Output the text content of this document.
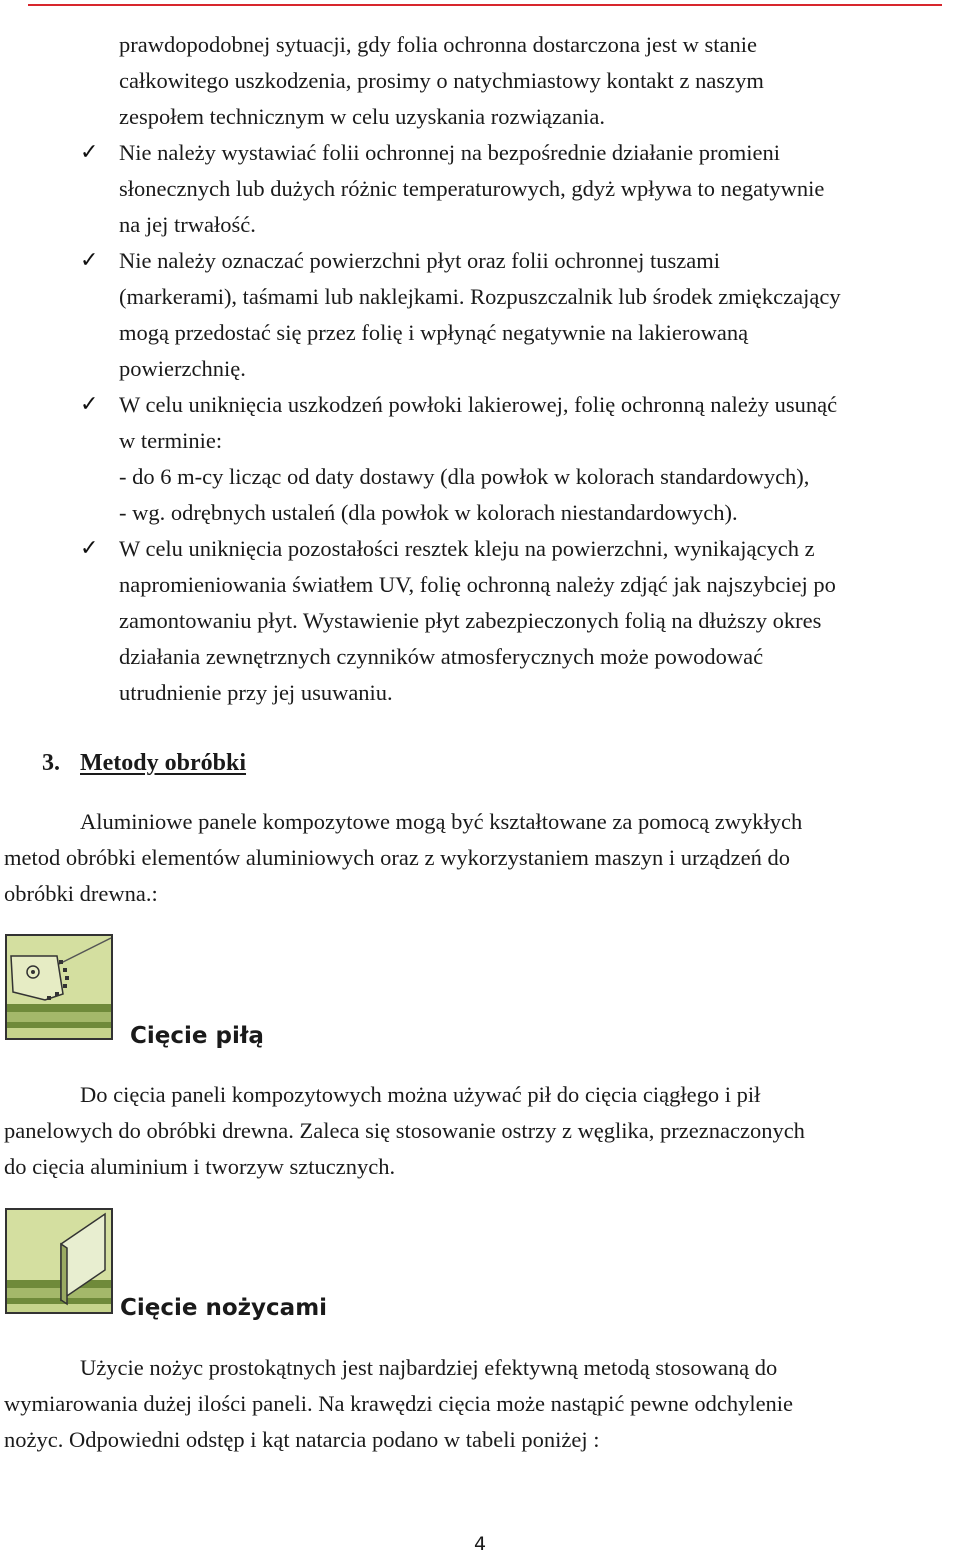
prawdopodobnej sytuacji, gdy folia ochronna dostarczona jest w stanie
całkowitego uszkodzenia, prosimy o natychmiastowy kontakt z naszym
zespołem technicznym w celu uzyskania rozwiązania.
✓ Nie należy wystawiać folii ochronnej na bezpośrednie działanie promieni
słonecznych lub dużych różnic temperaturowych, gdyż wpływa to negatywnie
na jej trwałość.
✓ Nie należy oznaczać powierzchni płyt oraz folii ochronnej tuszami
(markerami), taśmami lub naklejkami. Rozpuszczalnik lub środek zmiękczający
mogą przedostać się przez folię i wpłynąć negatywnie na lakierowaną
powierzchnię.
✓ W celu uniknięcia uszkodzeń powłoki lakierowej, folię ochronną należy usunąć
w terminie:
- do 6 m-cy licząc od daty dostawy (dla powłok w kolorach standardowych),
- wg. odrębnych ustaleń (dla powłok w kolorach niestandardowych).
✓ W celu uniknięcia pozostałości resztek kleju na powierzchni, wynikających z
napromieniowania światłem UV, folię ochronną należy zdjąć jak najszybciej po
zamontowaniu płyt. Wystawienie płyt zabezpieczonych folią na dłuższy okres
działania zewnętrznych czynników atmosferycznych może powodować
utrudnienie przy jej usuwaniu.
3. Metody obróbki
Aluminiowe panele kompozytowe mogą być kształtowane za pomocą zwykłych
metod obróbki elementów aluminiowych oraz z wykorzystaniem maszyn i urządzeń do
obróbki drewna.:
Cięcie piłą
Do cięcia paneli kompozytowych można używać pił do cięcia ciągłego i pił
panelowych do obróbki drewna. Zaleca się stosowanie ostrzy z węglika, przeznaczonych
do cięcia aluminium i tworzyw sztucznych.
Cięcie nożycami
Użycie nożyc prostokątnych jest najbardziej efektywną metodą stosowaną do
wymiarowania dużej ilości paneli. Na krawędzi cięcia może nastąpić pewne odchylenie
nożyc. Odpowiedni odstęp i kąt natarcia podano w tabeli poniżej :
4
